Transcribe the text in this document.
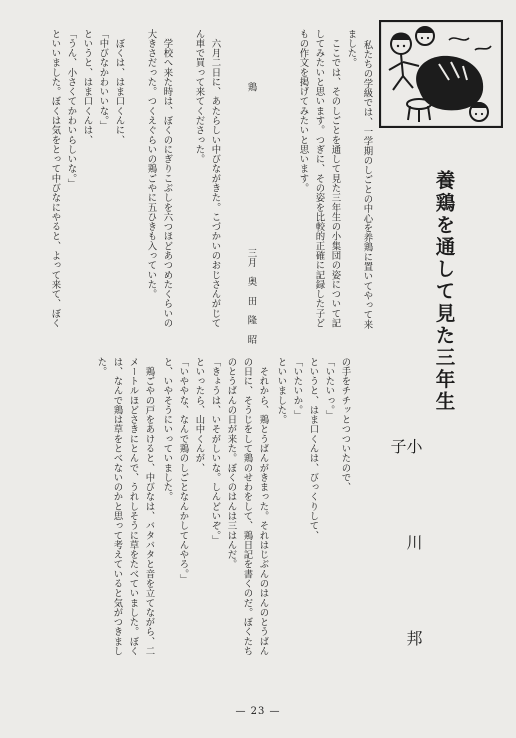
養鶏を通して見た三年生
小　川　邦　子
私たちの学級では、一学期のしごとの中心を养鶏に置いてやって来
ました。
　ここでは、そのしごとを通して見た三年生の小集団の姿について記
してみたいと思います。つぎに、その姿を比較的正確に記録した子ど
もの作文を掲げてみたいと思います。
鶏
三月　奥　田　隆　昭
　六月二日に、あたらしい中びながきた。こづかいのおじさんがじて
ん車で買って来てくださった。
　学校へ来た時は、ぼくのにぎりこぶしを六つほどあつめたくらいの
大きさだった。つくえぐらいの鶏ごやに五ひきも入っていた。
　ぼくは、はま口くんに、
「中びなかわいいな。」
というと、はま口くんは、
「うん、小さくてかわいらしいな。」
といいました。ぼくは気をとって中びなにやると、よって来て、ぼく
の手をチチッとつついたので、
「いたいっ。」
というと、はま口くんは、びっくりして、
「いたいか。」
といいました。
　それから、鶏とうばんがきまった。それはじぶんのはんのとうばん
の日に、そうじをして鶏のせわをして、鶏日記を書くのだ。ぼくたち
のとうばんの日が来た。ぼくのはんは三はんだ。
「きょうは、いそがしいな。しんどいぞ。」
といったら、山中くんが、
「いややな、なんで鶏のしごとなんかしてんやろ。」
と、いやそうにいっていました。
　鶏ごやの戸をあけると、中びなは、バタバタと音を立てながら、二
メートルほどさきにとんで、うれしそうに草をたべていました。ぼく
は、なんで鶏は草をとべないのかと思って考えていると気がつきまし
た。
— 23 —
